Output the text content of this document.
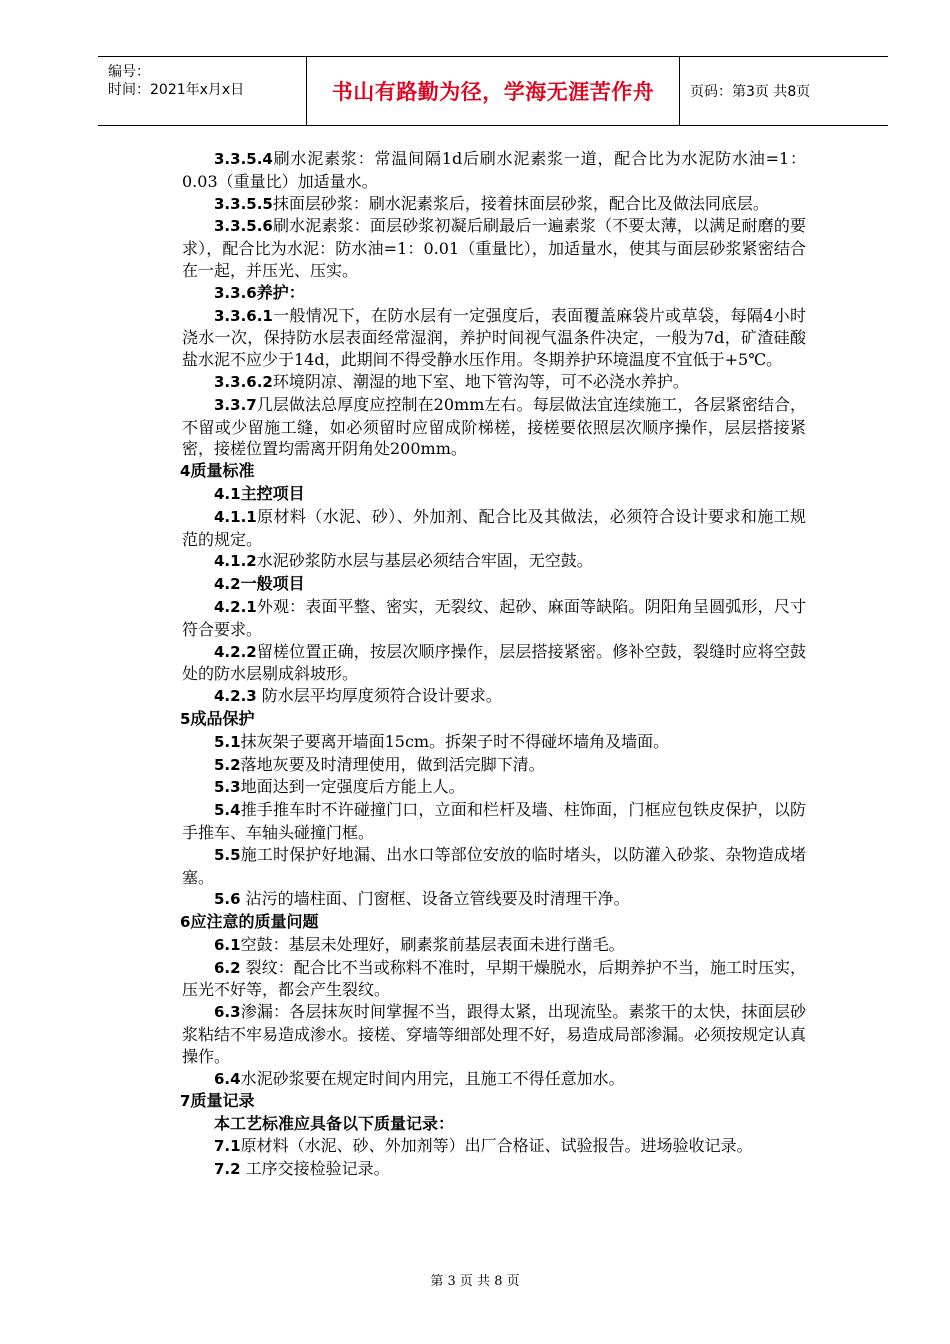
编号：
时间：2021年x月x日	书山有路勤为径，学海无涯苦作舟	页码：第3页 共8页
3.3.5.4刷水泥素浆：常温间隔1d后刷水泥素浆一道，配合比为水泥防水油=1：0.03（重量比）加适量水。
3.3.5.5抹面层砂浆：刷水泥素浆后，接着抹面层砂浆，配合比及做法同底层。
3.3.5.6刷水泥素浆：面层砂浆初凝后刷最后一遍素浆（不要太薄，以满足耐磨的要求），配合比为水泥：防水油=1：0.01（重量比），加适量水，使其与面层砂浆紧密结合在一起，并压光、压实。
3.3.6养护：
3.3.6.1一般情况下，在防水层有一定强度后，表面覆盖麻袋片或草袋，每隔4小时浇水一次，保持防水层表面经常湿润，养护时间视气温条件决定，一般为7d，矿渣硅酸盐水泥不应少于14d，此期间不得受静水压作用。冬期养护环境温度不宜低于+5℃。
3.3.6.2环境阴凉、潮湿的地下室、地下管沟等，可不必浇水养护。
3.3.7几层做法总厚度应控制在20mm左右。每层做法宜连续施工，各层紧密结合，不留或少留施工缝，如必须留时应留成阶梯槎，接槎要依照层次顺序操作，层层搭接紧密，接槎位置均需离开阴角处200mm。
4质量标准
4.1主控项目
4.1.1原材料（水泥、砂）、外加剂、配合比及其做法，必须符合设计要求和施工规范的规定。
4.1.2水泥砂浆防水层与基层必须结合牢固，无空鼓。
4.2一般项目
4.2.1外观：表面平整、密实，无裂纹、起砂、麻面等缺陷。阴阳角呈圆弧形，尺寸符合要求。
4.2.2留槎位置正确，按层次顺序操作，层层搭接紧密。修补空鼓，裂缝时应将空鼓处的防水层剔成斜坡形。
4.2.3 防水层平均厚度须符合设计要求。
5成品保护
5.1抹灰架子要离开墙面15cm。拆架子时不得碰坏墙角及墙面。
5.2落地灰要及时清理使用，做到活完脚下清。
5.3地面达到一定强度后方能上人。
5.4推手推车时不许碰撞门口，立面和栏杆及墙、柱饰面，门框应包铁皮保护，以防手推车、车轴头碰撞门框。
5.5施工时保护好地漏、出水口等部位安放的临时堵头，以防灌入砂浆、杂物造成堵塞。
5.6 沾污的墙柱面、门窗框、设备立管线要及时清理干净。
6应注意的质量问题
6.1空鼓：基层未处理好，刷素浆前基层表面未进行凿毛。
6.2 裂纹：配合比不当或称料不准时，早期干燥脱水，后期养护不当，施工时压实，压光不好等，都会产生裂纹。
6.3渗漏：各层抹灰时间掌握不当，跟得太紧，出现流坠。素浆干的太快，抹面层砂浆粘结不牢易造成渗水。接槎、穿墙等细部处理不好，易造成局部渗漏。必须按规定认真操作。
6.4水泥砂浆要在规定时间内用完，且施工不得任意加水。
7质量记录
本工艺标准应具备以下质量记录：
7.1原材料（水泥、砂、外加剂等）出厂合格证、试验报告。进场验收记录。
7.2 工序交接检验记录。
第 3 页 共 8 页
